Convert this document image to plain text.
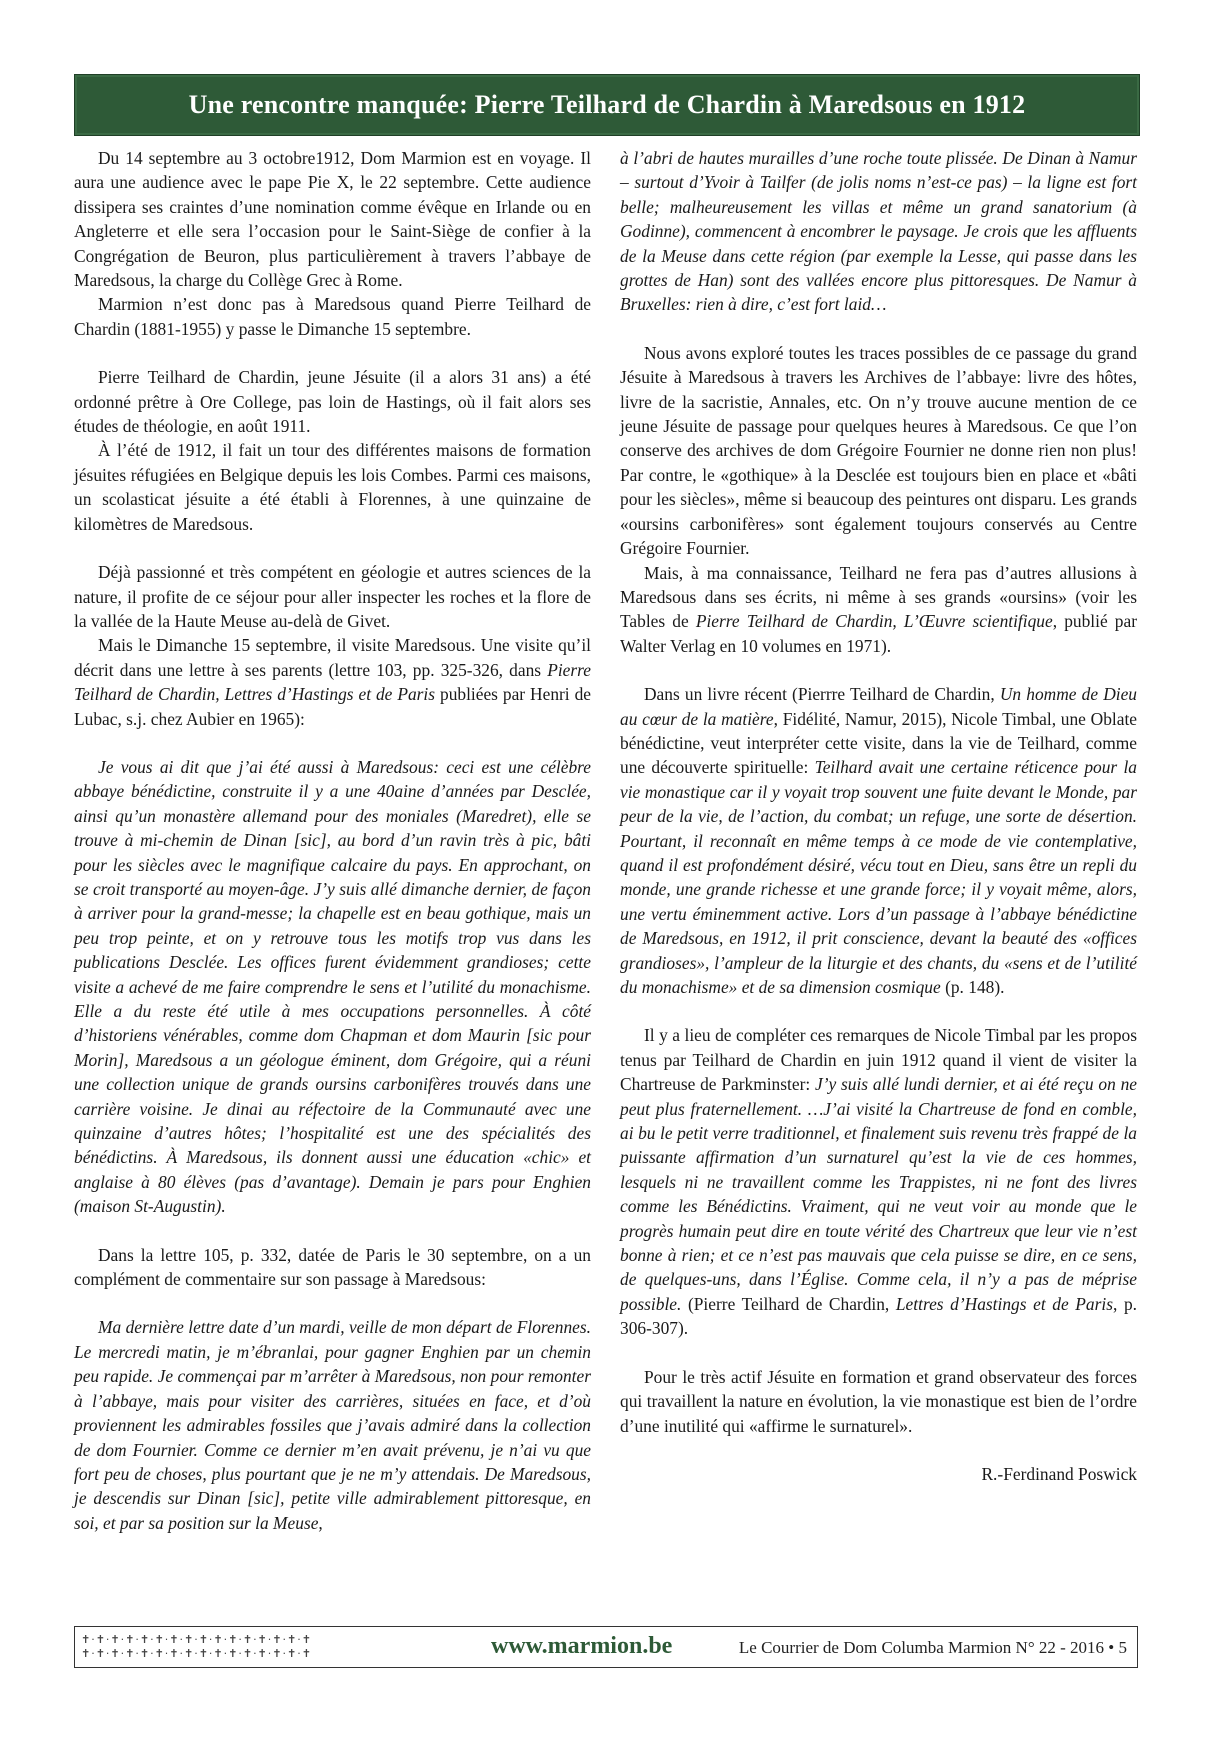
Une rencontre manquée: Pierre Teilhard de Chardin à Maredsous en 1912

Du 14 septembre au 3 octobre1912, Dom Marmion est en voyage. Il aura une audience avec le pape Pie X, le 22 septembre. Cette audience dissipera ses craintes d’une nomination comme évêque en Irlande ou en Angleterre et elle sera l’occasion pour le Saint-Siège de confier à la Congrégation de Beuron, plus particulièrement à travers l’abbaye de Maredsous, la charge du Collège Grec à Rome.

Marmion n’est donc pas à Maredsous quand Pierre Teilhard de Chardin (1881-1955) y passe le Dimanche 15 septembre.

Pierre Teilhard de Chardin, jeune Jésuite (il a alors 31 ans) a été ordonné prêtre à Ore College, pas loin de Hastings, où il fait alors ses études de théologie, en août 1911.

À l’été de 1912, il fait un tour des différentes maisons de formation jésuites réfugiées en Belgique depuis les lois Combes. Parmi ces maisons, un scolasticat jésuite a été établi à Florennes, à une quinzaine de kilomètres de Maredsous.

Déjà passionné et très compétent en géologie et autres sciences de la nature, il profite de ce séjour pour aller inspecter les roches et la flore de la vallée de la Haute Meuse au-delà de Givet.

Mais le Dimanche 15 septembre, il visite Maredsous. Une visite qu’il décrit dans une lettre à ses parents (lettre 103, pp. 325-326, dans Pierre Teilhard de Chardin, Lettres d’Hastings et de Paris publiées par Henri de Lubac, s.j. chez Aubier en 1965):

Je vous ai dit que j’ai été aussi à Maredsous: ceci est une célèbre abbaye bénédictine, construite il y a une 40aine d’années par Desclée, ainsi qu’un monastère allemand pour des moniales (Maredret), elle se trouve à mi-chemin de Dinan [sic], au bord d’un ravin très à pic, bâti pour les siècles avec le magnifique calcaire du pays. En approchant, on se croit transporté au moyen-âge. J’y suis allé dimanche dernier, de façon à arriver pour la grand-messe; la chapelle est en beau gothique, mais un peu trop peinte, et on y retrouve tous les motifs trop vus dans les publications Desclée. Les offices furent évidemment grandioses; cette visite a achevé de me faire comprendre le sens et l’utilité du monachisme. Elle a du reste été utile à mes occupations personnelles. À côté d’historiens vénérables, comme dom Chapman et dom Maurin [sic pour Morin], Maredsous a un géologue éminent, dom Grégoire, qui a réuni une collection unique de grands oursins carbonifères trouvés dans une carrière voisine. Je dinai au réfectoire de la Communauté avec une quinzaine d’autres hôtes; l’hospitalité est une des spécialités des bénédictins. À Maredsous, ils donnent aussi une éducation «chic» et anglaise à 80 élèves (pas d’avantage). Demain je pars pour Enghien (maison St-Augustin).

Dans la lettre 105, p. 332, datée de Paris le 30 septembre, on a un complément de commentaire sur son passage à Maredsous:

Ma dernière lettre date d’un mardi, veille de mon départ de Florennes. Le mercredi matin, je m’ébranlai, pour gagner Enghien par un chemin peu rapide. Je commençai par m’arrêter à Maredsous, non pour remonter à l’abbaye, mais pour visiter des carrières, situées en face, et d’où proviennent les admirables fossiles que j’avais admiré dans la collection de dom Fournier. Comme ce dernier m’en avait prévenu, je n’ai vu que fort peu de choses, plus pourtant que je ne m’y attendais. De Maredsous, je descendis sur Dinan [sic], petite ville admirablement pittoresque, en soi, et par sa position sur la Meuse,

à l’abri de hautes murailles d’une roche toute plissée. De Dinan à Namur – surtout d’Yvoir à Tailfer (de jolis noms n’est-ce pas) – la ligne est fort belle; malheureusement les villas et même un grand sanatorium (à Godinne), commencent à encombrer le paysage. Je crois que les affluents de la Meuse dans cette région (par exemple la Lesse, qui passe dans les grottes de Han) sont des vallées encore plus pittoresques. De Namur à Bruxelles: rien à dire, c’est fort laid…

Nous avons exploré toutes les traces possibles de ce passage du grand Jésuite à Maredsous à travers les Archives de l’abbaye: livre des hôtes, livre de la sacristie, Annales, etc. On n’y trouve aucune mention de ce jeune Jésuite de passage pour quelques heures à Maredsous. Ce que l’on conserve des archives de dom Grégoire Fournier ne donne rien non plus! Par contre, le «gothique» à la Desclée est toujours bien en place et «bâti pour les siècles», même si beaucoup des peintures ont disparu. Les grands «oursins carbonifères» sont également toujours conservés au Centre Grégoire Fournier.

Mais, à ma connaissance, Teilhard ne fera pas d’autres allusions à Maredsous dans ses écrits, ni même à ses grands «oursins» (voir les Tables de Pierre Teilhard de Chardin, L’Œuvre scientifique, publié par Walter Verlag en 10 volumes en 1971).

Dans un livre récent (Pierrre Teilhard de Chardin, Un homme de Dieu au cœur de la matière, Fidélité, Namur, 2015), Nicole Timbal, une Oblate bénédictine, veut interpréter cette visite, dans la vie de Teilhard, comme une découverte spirituelle: Teilhard avait une certaine réticence pour la vie monastique car il y voyait trop souvent une fuite devant le Monde, par peur de la vie, de l’action, du combat; un refuge, une sorte de désertion. Pourtant, il reconnaît en même temps à ce mode de vie contemplative, quand il est profondément désiré, vécu tout en Dieu, sans être un repli du monde, une grande richesse et une grande force; il y voyait même, alors, une vertu éminemment active. Lors d’un passage à l’abbaye bénédictine de Maredsous, en 1912, il prit conscience, devant la beauté des «offices grandioses», l’ampleur de la liturgie et des chants, du «sens et de l’utilité du monachisme» et de sa dimension cosmique (p. 148).

Il y a lieu de compléter ces remarques de Nicole Timbal par les propos tenus par Teilhard de Chardin en juin 1912 quand il vient de visiter la Chartreuse de Parkminster: J’y suis allé lundi dernier, et ai été reçu on ne peut plus fraternellement. …J’ai visité la Chartreuse de fond en comble, ai bu le petit verre traditionnel, et finalement suis revenu très frappé de la puissante affirmation d’un surnaturel qu’est la vie de ces hommes, lesquels ni ne travaillent comme les Trappistes, ni ne font des livres comme les Bénédictins. Vraiment, qui ne veut voir au monde que le progrès humain peut dire en toute vérité des Chartreux que leur vie n’est bonne à rien; et ce n’est pas mauvais que cela puisse se dire, en ce sens, de quelques-uns, dans l’Église. Comme cela, il n’y a pas de méprise possible. (Pierre Teilhard de Chardin, Lettres d’Hastings et de Paris, p. 306-307).

Pour le très actif Jésuite en formation et grand observateur des forces qui travaillent la nature en évolution, la vie monastique est bien de l’ordre d’une inutilité qui «affirme le surnaturel».

R.-Ferdinand Poswick

✝·✝·✝·✝·✝·✝·✝·✝·✝·✝·✝·✝·✝·✝·✝·✝
✝·✝·✝·✝·✝·✝·✝·✝·✝·✝·✝·✝·✝·✝·✝·✝	www.marmion.be	Le Courrier de Dom Columba Marmion N° 22 - 2016 • 5
